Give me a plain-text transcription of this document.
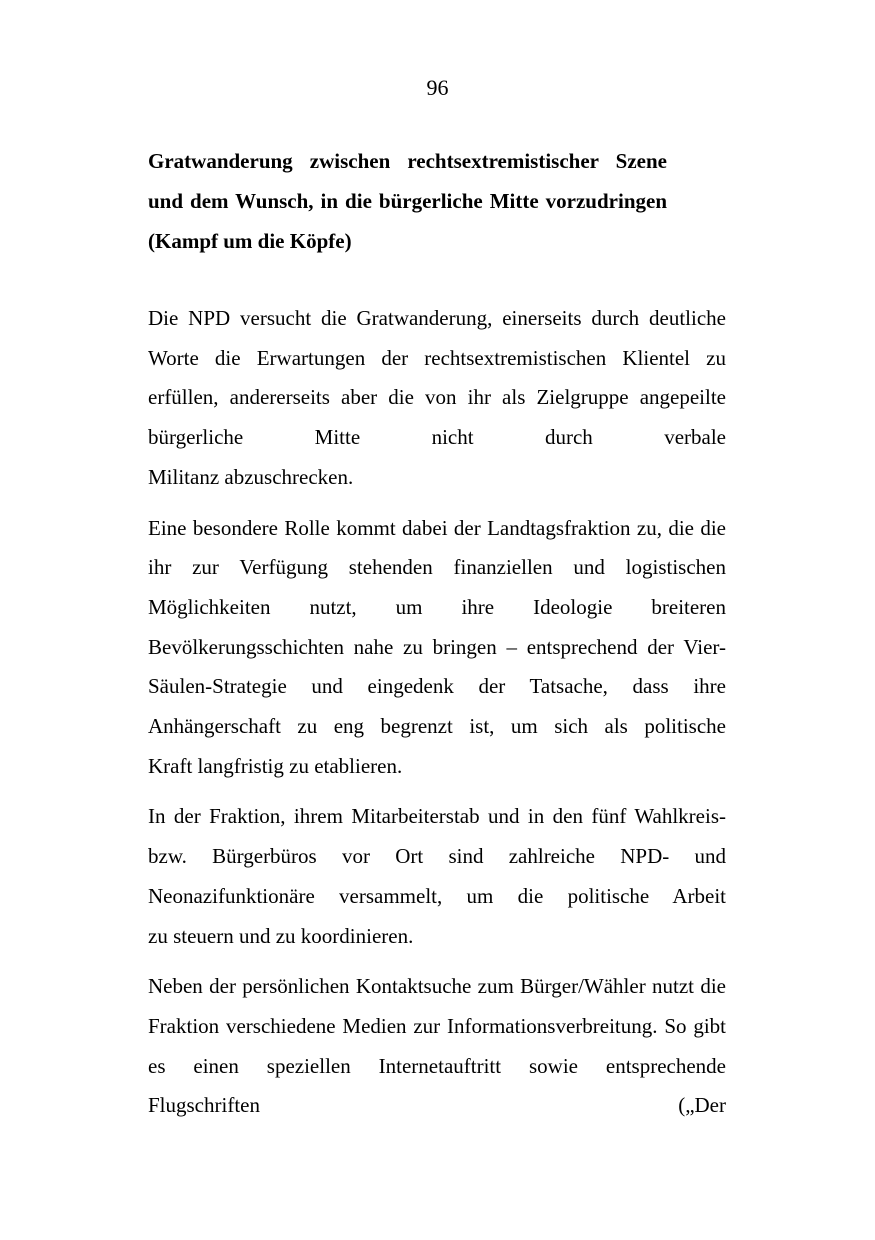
96
Gratwanderung zwischen rechtsextremistischer Szene und dem Wunsch, in die bürgerliche Mitte vorzudringen (Kampf um die Köpfe)

Die NPD versucht die Gratwanderung, einerseits durch deutliche Worte die Erwartungen der rechtsextremistischen Klientel zu erfüllen, andererseits aber die von ihr als Zielgruppe angepeilte bürgerliche Mitte nicht durch verbale
Militanz abzuschrecken.

Eine besondere Rolle kommt dabei der Landtagsfraktion zu, die die ihr zur Verfügung stehenden finanziellen und logistischen Möglichkeiten nutzt, um ihre Ideologie breiteren Bevölkerungsschichten nahe zu bringen – entsprechend der Vier-Säulen-Strategie und eingedenk der Tatsache, dass ihre Anhängerschaft zu eng begrenzt ist, um sich als politische
Kraft langfristig zu etablieren.

In der Fraktion, ihrem Mitarbeiterstab und in den fünf Wahlkreis- bzw. Bürgerbüros vor Ort sind zahlreiche NPD- und Neonazifunktionäre versammelt, um die politische Arbeit
zu steuern und zu koordinieren.

Neben der persönlichen Kontaktsuche zum Bürger/Wähler nutzt die Fraktion verschiedene Medien zur Informationsverbreitung. So gibt es einen speziellen Internetauftritt sowie entsprechende Flugschriften („Der
